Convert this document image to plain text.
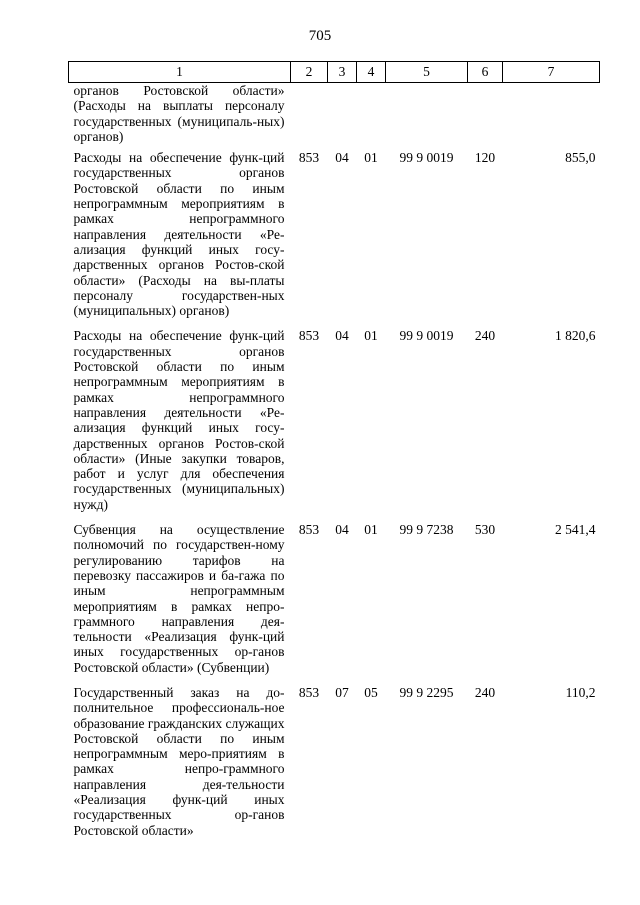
705
1	2	3	4	5	6	7
органов Ростовской области» (Расходы на выплаты персоналу государственных (муниципаль-ных) органов)						
Расходы на обеспечение функ-ций государственных органов Ростовской области по иным непрограммным мероприятиям в рамках непрограммного направления деятельности «Ре-ализация функций иных госу-дарственных органов Ростов-ской области» (Расходы на вы-платы персоналу государствен-ных (муниципальных) органов)	853	04	01	99 9 0019	120	855,0
Расходы на обеспечение функ-ций государственных органов Ростовской области по иным непрограммным мероприятиям в рамках непрограммного направления деятельности «Ре-ализация функций иных госу-дарственных органов Ростов-ской области» (Иные закупки товаров, работ и услуг для обеспечения государственных (муниципальных) нужд)	853	04	01	99 9 0019	240	1 820,6
Субвенция на осуществление полномочий по государствен-ному регулированию тарифов на перевозку пассажиров и ба-гажа по иным непрограммным мероприятиям в рамках непро-граммного направления дея-тельности «Реализация функ-ций иных государственных ор-ганов Ростовской области» (Субвенции)	853	04	01	99 9 7238	530	2 541,4
Государственный заказ на до-полнительное профессиональ-ное образование гражданских служащих Ростовской области по иным непрограммным меро-приятиям в рамках непро-граммного направления дея-тельности «Реализация функ-ций иных государственных ор-ганов Ростовской области»	853	07	05	99 9 2295	240	110,2
